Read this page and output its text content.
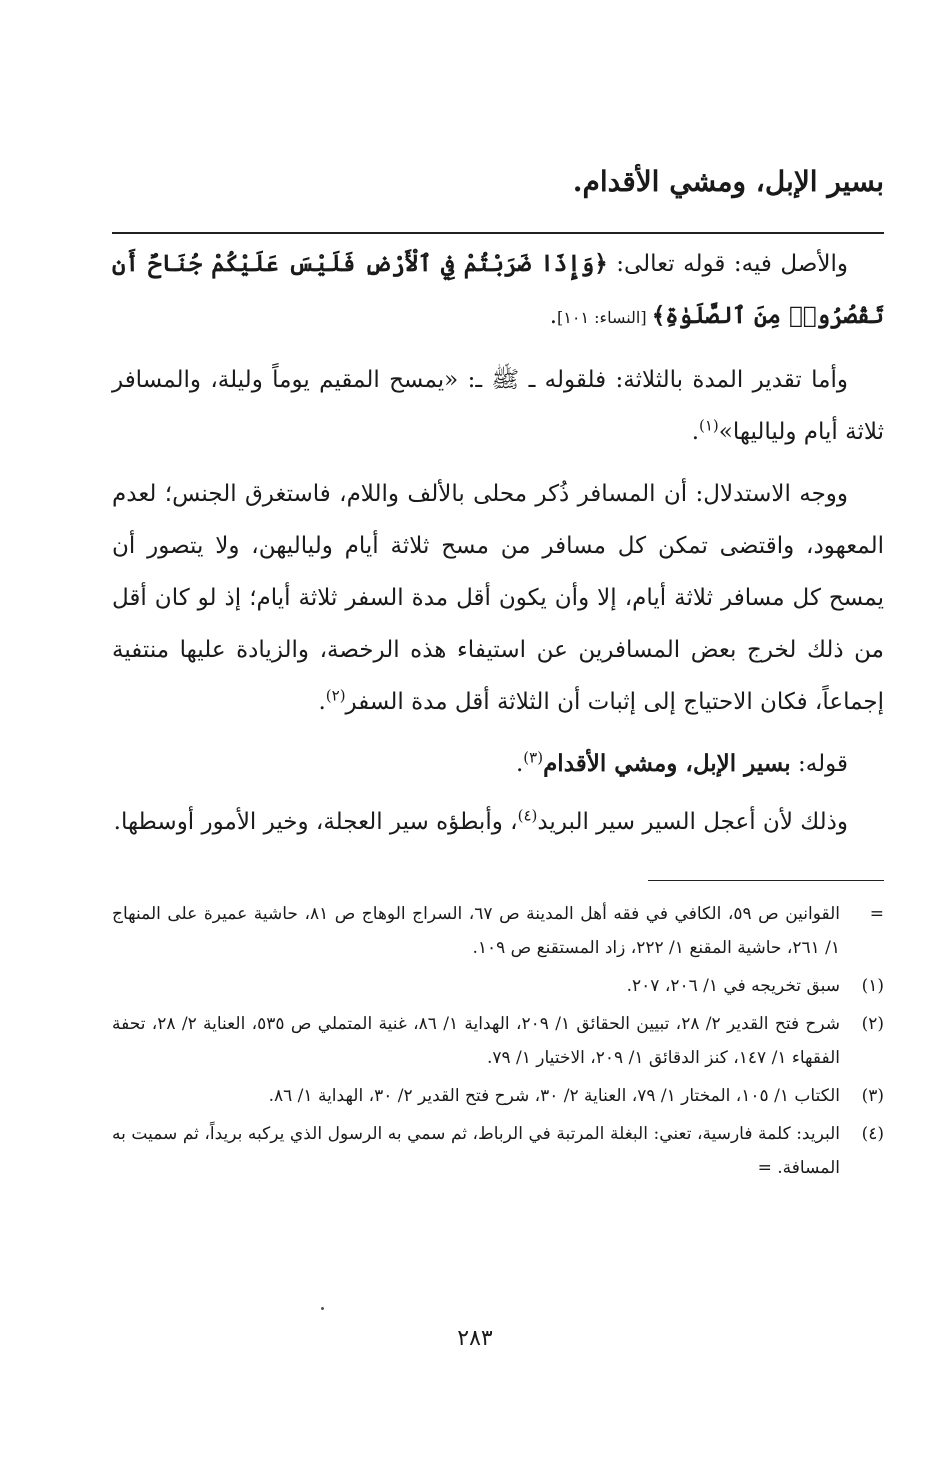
بسير الإبل، ومشي الأقدام.

والأصل فيه: قوله تعالى: ﴿وَإِذَا ضَرَبْتُمْ فِي ٱلْأَرْضِ فَلَيْسَ عَلَيْكُمْ جُنَاحٌ أَن تَقْصُرُوا۟ مِنَ ٱلصَّلَوٰةِ﴾ [النساء: ١٠١].

وأما تقدير المدة بالثلاثة: فلقوله ـ ﷺ ـ: «يمسح المقيم يوماً وليلة، والمسافر ثلاثة أيام ولياليها»$^{(١)}$.

ووجه الاستدلال: أن المسافر ذُكر محلى بالألف واللام، فاستغرق الجنس؛ لعدم المعهود، واقتضى تمكن كل مسافر من مسح ثلاثة أيام ولياليهن، ولا يتصور أن يمسح كل مسافر ثلاثة أيام، إلا وأن يكون أقل مدة السفر ثلاثة أيام؛ إذ لو كان أقل من ذلك لخرج بعض المسافرين عن استيفاء هذه الرخصة، والزيادة عليها منتفية إجماعاً، فكان الاحتياج إلى إثبات أن الثلاثة أقل مدة السفر$^{(٢)}$.

قوله: بسير الإبل، ومشي الأقدام$^{(٣)}$.

وذلك لأن أعجل السير سير البريد$^{(٤)}$، وأبطؤه سير العجلة، وخير الأمور أوسطها.

=
القوانين ص ٥٩، الكافي في فقه أهل المدينة ص ٦٧، السراج الوهاج ص ٨١، حاشية عميرة على المنهاج ١/ ٢٦١، حاشية المقنع ١/ ٢٢٢، زاد المستقنع ص ١٠٩.
(١)
سبق تخريجه في ١/ ٢٠٦، ٢٠٧.
(٢)
شرح فتح القدير ٢/ ٢٨، تبيين الحقائق ١/ ٢٠٩، الهداية ١/ ٨٦، غنية المتملي ص ٥٣٥، العناية ٢/ ٢٨، تحفة الفقهاء ١/ ١٤٧، كنز الدقائق ١/ ٢٠٩، الاختيار ١/ ٧٩.
(٣)
الكتاب ١/ ١٠٥، المختار ١/ ٧٩، العناية ٢/ ٣٠، شرح فتح القدير ٢/ ٣٠، الهداية ١/ ٨٦.
(٤)
البريد: كلمة فارسية، تعني: البغلة المرتبة في الرباط، ثم سمي به الرسول الذي يركبه بريداً، ثم سميت به المسافة. =
٢٨٣
